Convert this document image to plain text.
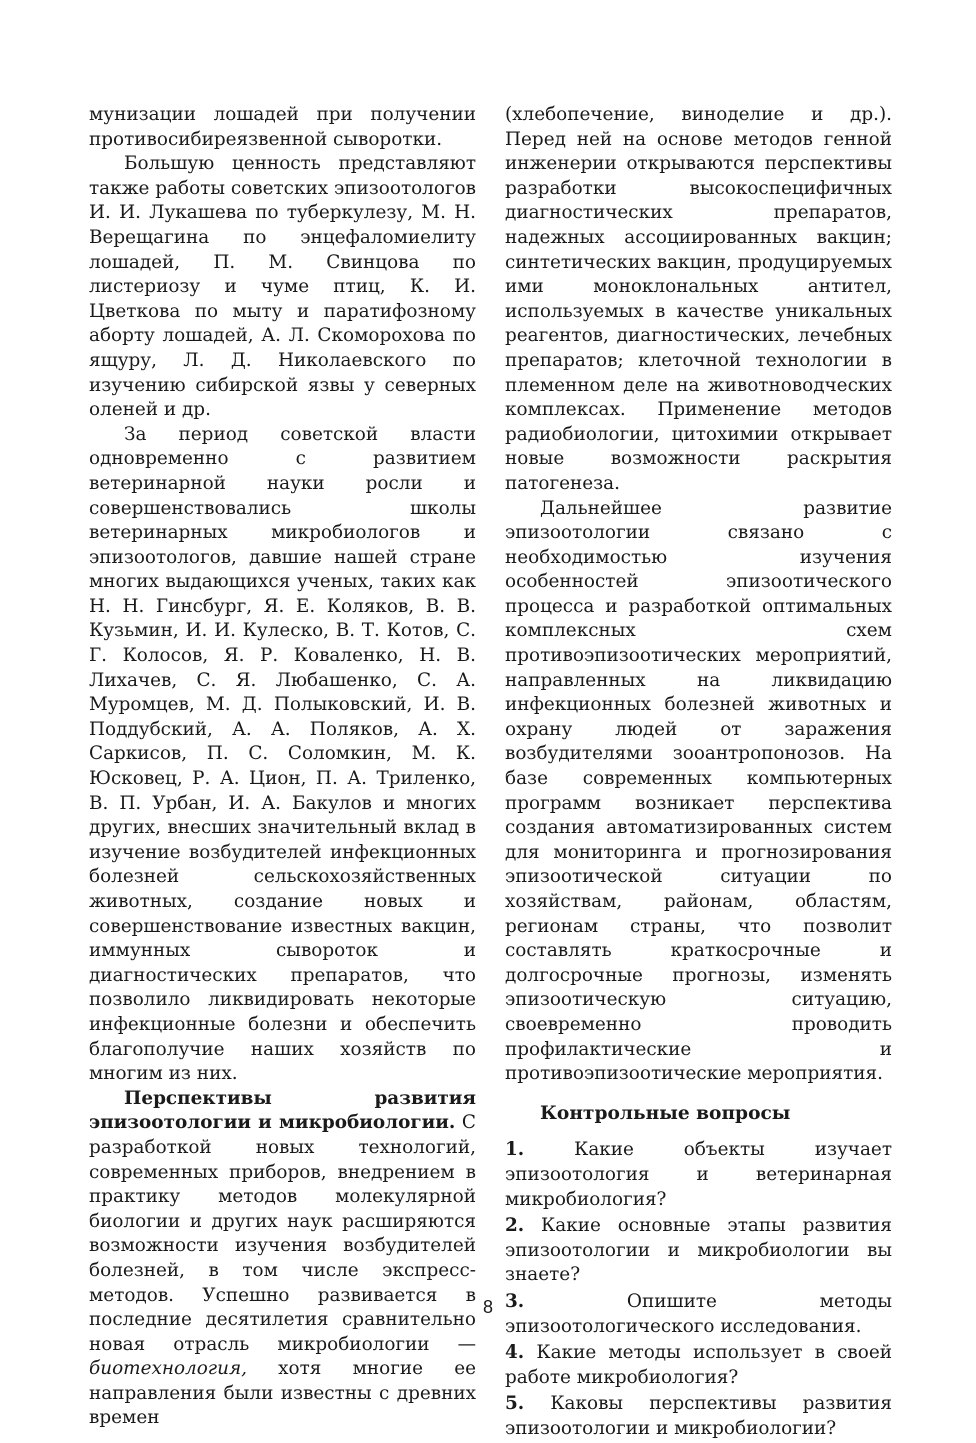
мунизации лошадей при получении противосибиреязвенной сыворотки.

Большую ценность представляют также работы советских эпизоотологов И. И. Лукашева по туберкулезу, М. Н. Верещагина по энцефаломиелиту лошадей, П. М. Свинцова по листериозу и чуме птиц, К. И. Цветкова по мыту и паратифозному аборту лошадей, А. Л. Скоморохова по ящуру, Л. Д. Николаевского по изучению сибирской язвы у северных оленей и др.

За период советской власти одновременно с развитием ветеринарной науки росли и совершенствовались школы ветеринарных микробиологов и эпизоотологов, давшие нашей стране многих выдающихся ученых, таких как Н. Н. Гинсбург, Я. Е. Коляков, В. В. Кузьмин, И. И. Кулеско, В. Т. Котов, С. Г. Колосов, Я. Р. Коваленко, Н. В. Лихачев, С. Я. Любашенко, С. А. Муромцев, М. Д. Полыковский, И. В. Поддубский, А. А. Поляков, А. Х. Саркисов, П. С. Соломкин, М. К. Юсковец, Р. А. Цион, П. А. Триленко, В. П. Урбан, И. А. Бакулов и многих других, внесших значительный вклад в изучение возбудителей инфекционных болезней сельскохозяйственных животных, создание новых и совершенствование известных вакцин, иммунных сывороток и диагностических препаратов, что позволило ликвидировать некоторые инфекционные болезни и обеспечить благополучие наших хозяйств по многим из них.

Перспективы развития эпизоотологии и микробиологии. С разработкой новых технологий, современных приборов, внедрением в практику методов молекулярной биологии и других наук расширяются возможности изучения возбудителей болезней, в том числе экспресс-методов. Успешно развивается в последние десятилетия сравнительно новая отрасль микробиологии — биотехнология, хотя многие ее направления были известны с древних времен

(хлебопечение, виноделие и др.). Перед ней на основе методов генной инженерии открываются перспективы разработки высокоспецифичных диагностических препаратов, надежных ассоциированных вакцин; синтетических вакцин, продуцируемых ими моноклональных антител, используемых в качестве уникальных реагентов, диагностических, лечебных препаратов; клеточной технологии в племенном деле на животноводческих комплексах. Применение методов радиобиологии, цитохимии открывает новые возможности раскрытия патогенеза.

Дальнейшее развитие эпизоотологии связано с необходимостью изучения особенностей эпизоотического процесса и разработкой оптимальных комплексных схем противоэпизоотических мероприятий, направленных на ликвидацию инфекционных болезней животных и охрану людей от заражения возбудителями зооантропонозов. На базе современных компьютерных программ возникает перспектива создания автоматизированных систем для мониторинга и прогнозирования эпизоотической ситуации по хозяйствам, районам, областям, регионам страны, что позволит составлять краткосрочные и долгосрочные прогнозы, изменять эпизоотическую ситуацию, своевременно проводить профилактические и противоэпизоотические мероприятия.

Контрольные вопросы

1. Какие объекты изучает эпизоотология и ветеринарная микробиология?

2. Какие основные этапы развития эпизоотологии и микробиологии вы знаете?

3. Опишите методы эпизоотологического исследования.

4. Какие методы использует в своей работе микробиология?

5. Каковы перспективы развития эпизоотологии и микробиологии?

8
